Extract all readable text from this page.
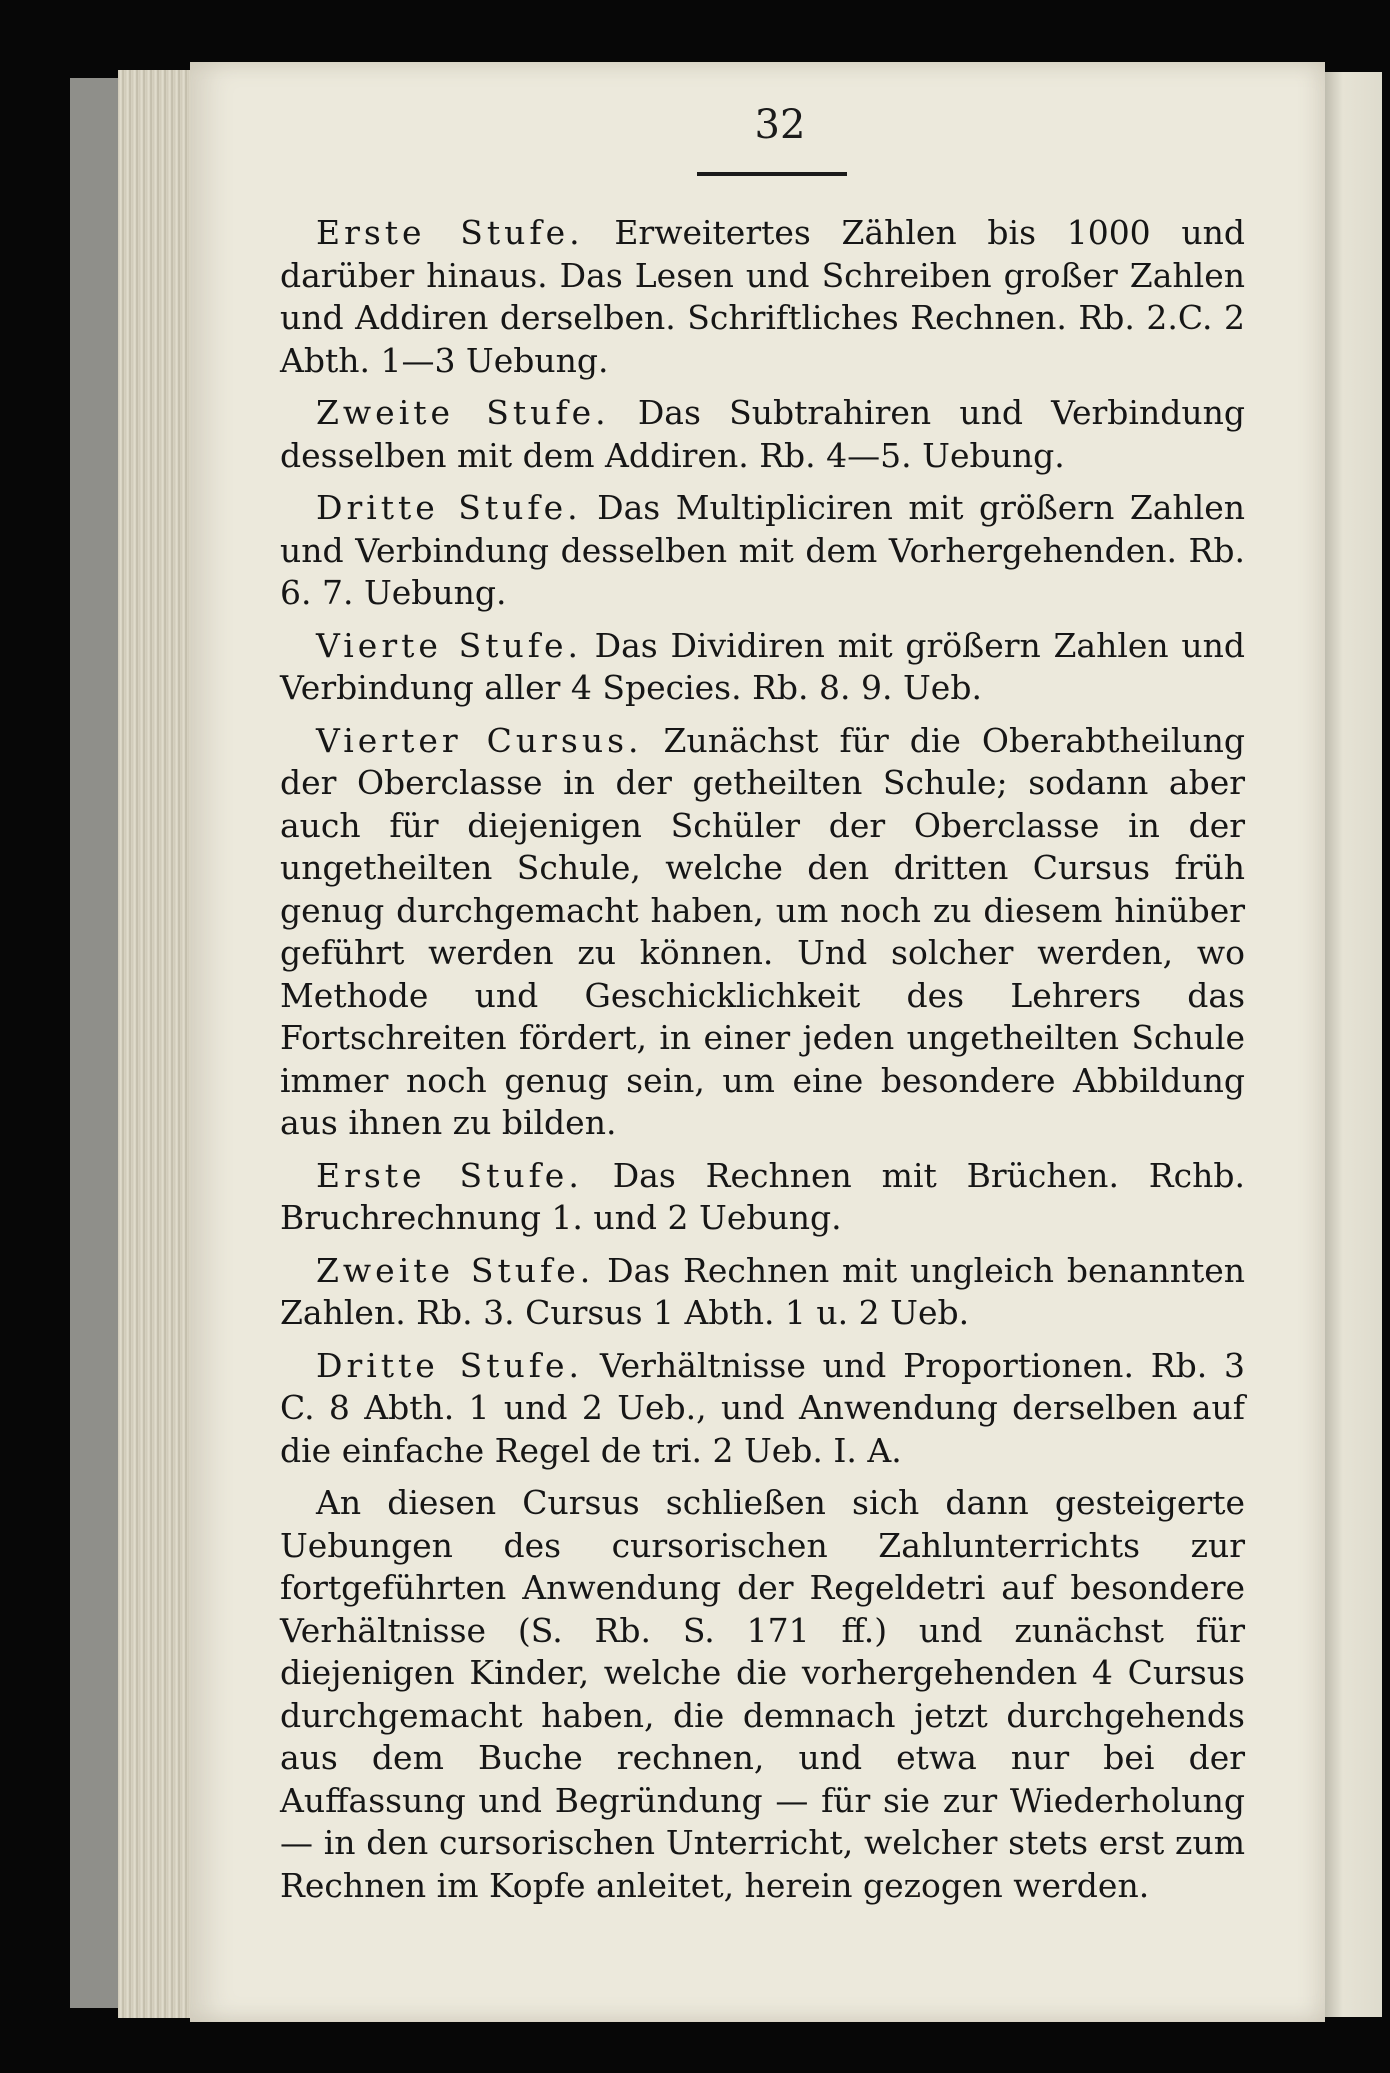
32

Erste Stufe. Erweitertes Zählen bis 1000 und darüber hinaus. Das Lesen und Schreiben großer Zahlen und Addiren derselben. Schriftliches Rechnen. Rb. 2.C. 2 Abth. 1—3 Uebung.

Zweite Stufe. Das Subtrahiren und Verbindung desselben mit dem Addiren. Rb. 4—5. Uebung.

Dritte Stufe. Das Multipliciren mit größern Zahlen und Verbindung desselben mit dem Vorhergehenden. Rb. 6. 7. Uebung.

Vierte Stufe. Das Dividiren mit größern Zahlen und Verbindung aller 4 Species. Rb. 8. 9. Ueb.

Vierter Cursus. Zunächst für die Oberabtheilung der Oberclasse in der getheilten Schule; sodann aber auch für diejenigen Schüler der Oberclasse in der ungetheilten Schule, welche den dritten Cursus früh genug durchgemacht haben, um noch zu diesem hinüber geführt werden zu können. Und solcher werden, wo Methode und Geschicklichkeit des Lehrers das Fortschreiten fördert, in einer jeden ungetheilten Schule immer noch genug sein, um eine besondere Abbildung aus ihnen zu bilden.

Erste Stufe. Das Rechnen mit Brüchen. Rchb. Bruchrechnung 1. und 2 Uebung.

Zweite Stufe. Das Rechnen mit ungleich benannten Zahlen. Rb. 3. Cursus 1 Abth. 1 u. 2 Ueb.

Dritte Stufe. Verhältnisse und Proportionen. Rb. 3 C. 8 Abth. 1 und 2 Ueb., und Anwendung derselben auf die einfache Regel de tri. 2 Ueb. I. A.

An diesen Cursus schließen sich dann gesteigerte Uebungen des cursorischen Zahlunterrichts zur fortgeführten Anwendung der Regeldetri auf besondere Verhältnisse (S. Rb. S. 171 ff.) und zunächst für diejenigen Kinder, welche die vorhergehenden 4 Cursus durchgemacht haben, die demnach jetzt durchgehends aus dem Buche rechnen, und etwa nur bei der Auffassung und Begründung — für sie zur Wiederholung — in den cursorischen Unterricht, welcher stets erst zum Rechnen im Kopfe anleitet, herein gezogen werden.
